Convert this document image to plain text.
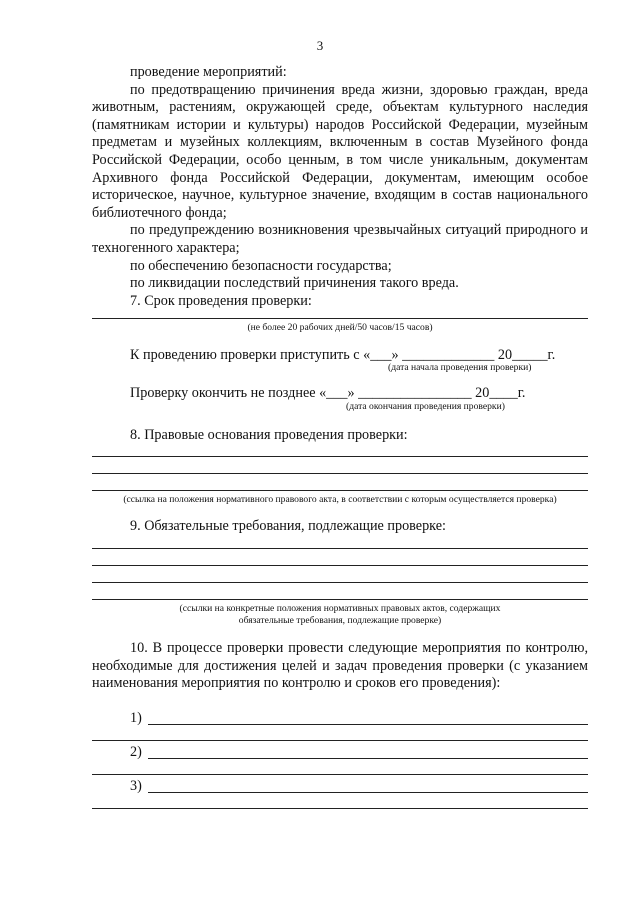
3

проведение мероприятий:

по предотвращению причинения вреда жизни, здоровью граждан, вреда животным, растениям, окружающей среде, объектам культурного наследия (памятникам истории и культуры) народов Российской Федерации, музейным предметам и музейных коллекциям, включенным в состав Музейного фонда Российской Федерации, особо ценным, в том числе уникальным, документам Архивного фонда Российской Федерации, документам, имеющим особое историческое, научное, культурное значение, входящим в состав национального библиотечного фонда;

по предупреждению возникновения чрезвычайных ситуаций природного и техногенного характера;

по обеспечению безопасности государства;

по ликвидации последствий причинения такого вреда.

7. Срок проведения проверки:

(не более 20 рабочих дней/50 часов/15 часов)
К проведению проверки приступить с «___» _____________ 20_____г.
(дата начала проведения проверки)
Проверку окончить не позднее «___» ________________ 20____г.
(дата окончания проведения проверки)
8. Правовые основания проведения проверки:
(ссылка на положения нормативного правового акта, в соответствии с которым осуществляется проверка)
9. Обязательные требования, подлежащие проверке:
(ссылки на конкретные положения нормативных правовых актов, содержащих
обязательные требования, подлежащие проверке)
10. В процессе проверки провести следующие мероприятия по контролю, необходимые для достижения целей и задач проведения проверки (с указанием наименования мероприятия по контролю и сроков его проведения):
1)
2)
3)
